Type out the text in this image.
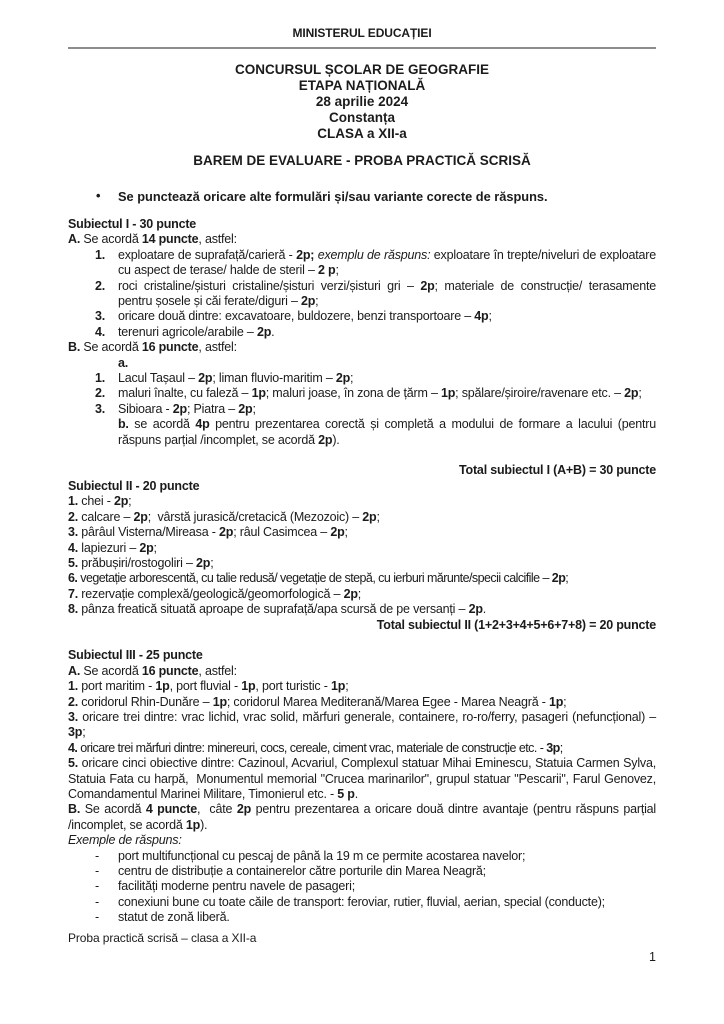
MINISTERUL EDUCAȚIEI
CONCURSUL ȘCOLAR DE GEOGRAFIE
ETAPA NAȚIONALĂ
28 aprilie 2024
Constanța
CLASA a XII-a
BAREM DE EVALUARE - PROBA PRACTICĂ SCRISĂ
• Se punctează oricare alte formulări și/sau variante corecte de răspuns.
Subiectul I - 30 puncte
A. Se acordă 14 puncte, astfel:
1. exploatare de suprafață/carieră - 2p; exemplu de răspuns: exploatare în trepte/niveluri de exploatare cu aspect de terase/ halde de steril – 2 p;
2. roci cristaline/șisturi cristaline/șisturi verzi/șisturi gri – 2p; materiale de construcție/ terasamente pentru șosele și căi ferate/diguri – 2p;
3. oricare două dintre: excavatoare, buldozere, benzi transportoare – 4p;
4. terenuri agricole/arabile – 2p.
B. Se acordă 16 puncte, astfel:
a.
1. Lacul Tașaul – 2p; liman fluvio-maritim – 2p;
2. maluri înalte, cu faleză – 1p; maluri joase, în zona de țărm – 1p; spălare/șiroire/ravenare etc. – 2p;
3. Sibioara - 2p; Piatra – 2p;
b. se acordă 4p pentru prezentarea corectă și completă a modului de formare a lacului (pentru răspuns parțial /incomplet, se acordă 2p).
Total subiectul I (A+B) = 30 puncte
Subiectul II - 20 puncte
1. chei - 2p;
2. calcare – 2p;  vârstă jurasică/cretacică (Mezozoic) – 2p;
3. pârâul Visterna/Mireasa - 2p; râul Casimcea – 2p;
4. lapiezuri – 2p;
5. prăbușiri/rostogoliri – 2p;
6. vegetație arborescentă, cu talie redusă/ vegetație de stepă, cu ierburi mărunte/specii calcifile – 2p;
7. rezervație complexă/geologică/geomorfologică – 2p;
8. pânza freatică situată aproape de suprafață/apa scursă de pe versanți – 2p.
Total subiectul II (1+2+3+4+5+6+7+8) = 20 puncte
Subiectul III - 25 puncte
A. Se acordă 16 puncte, astfel:
1. port maritim - 1p, port fluvial - 1p, port turistic - 1p;
2. coridorul Rhin-Dunăre – 1p; coridorul Marea Mediterană/Marea Egee - Marea Neagră - 1p;
3. oricare trei dintre: vrac lichid, vrac solid, mărfuri generale, containere, ro-ro/ferry, pasageri (nefuncțional) – 3p;
4. oricare trei mărfuri dintre: minereuri, cocs, cereale, ciment vrac, materiale de construcție etc. - 3p;
5. oricare cinci obiective dintre: Cazinoul, Acvariul, Complexul statuar Mihai Eminescu, Statuia Carmen Sylva, Statuia Fata cu harpă,  Monumentul memorial "Crucea marinarilor", grupul statuar "Pescarii", Farul Genovez, Comandamentul Marinei Militare, Timonierul etc. - 5 p.
B. Se acordă 4 puncte,  câte 2p pentru prezentarea a oricare două dintre avantaje (pentru răspuns parțial /incomplet, se acordă 1p).
Exemple de răspuns:
- port multifuncțional cu pescaj de până la 19 m ce permite acostarea navelor;
- centru de distribuție a containerelor către porturile din Marea Neagră;
- facilități moderne pentru navele de pasageri;
- conexiuni bune cu toate căile de transport: feroviar, rutier, fluvial, aerian, special (conducte);
- statut de zonă liberă.
Proba practică scrisă – clasa a XII-a
1
